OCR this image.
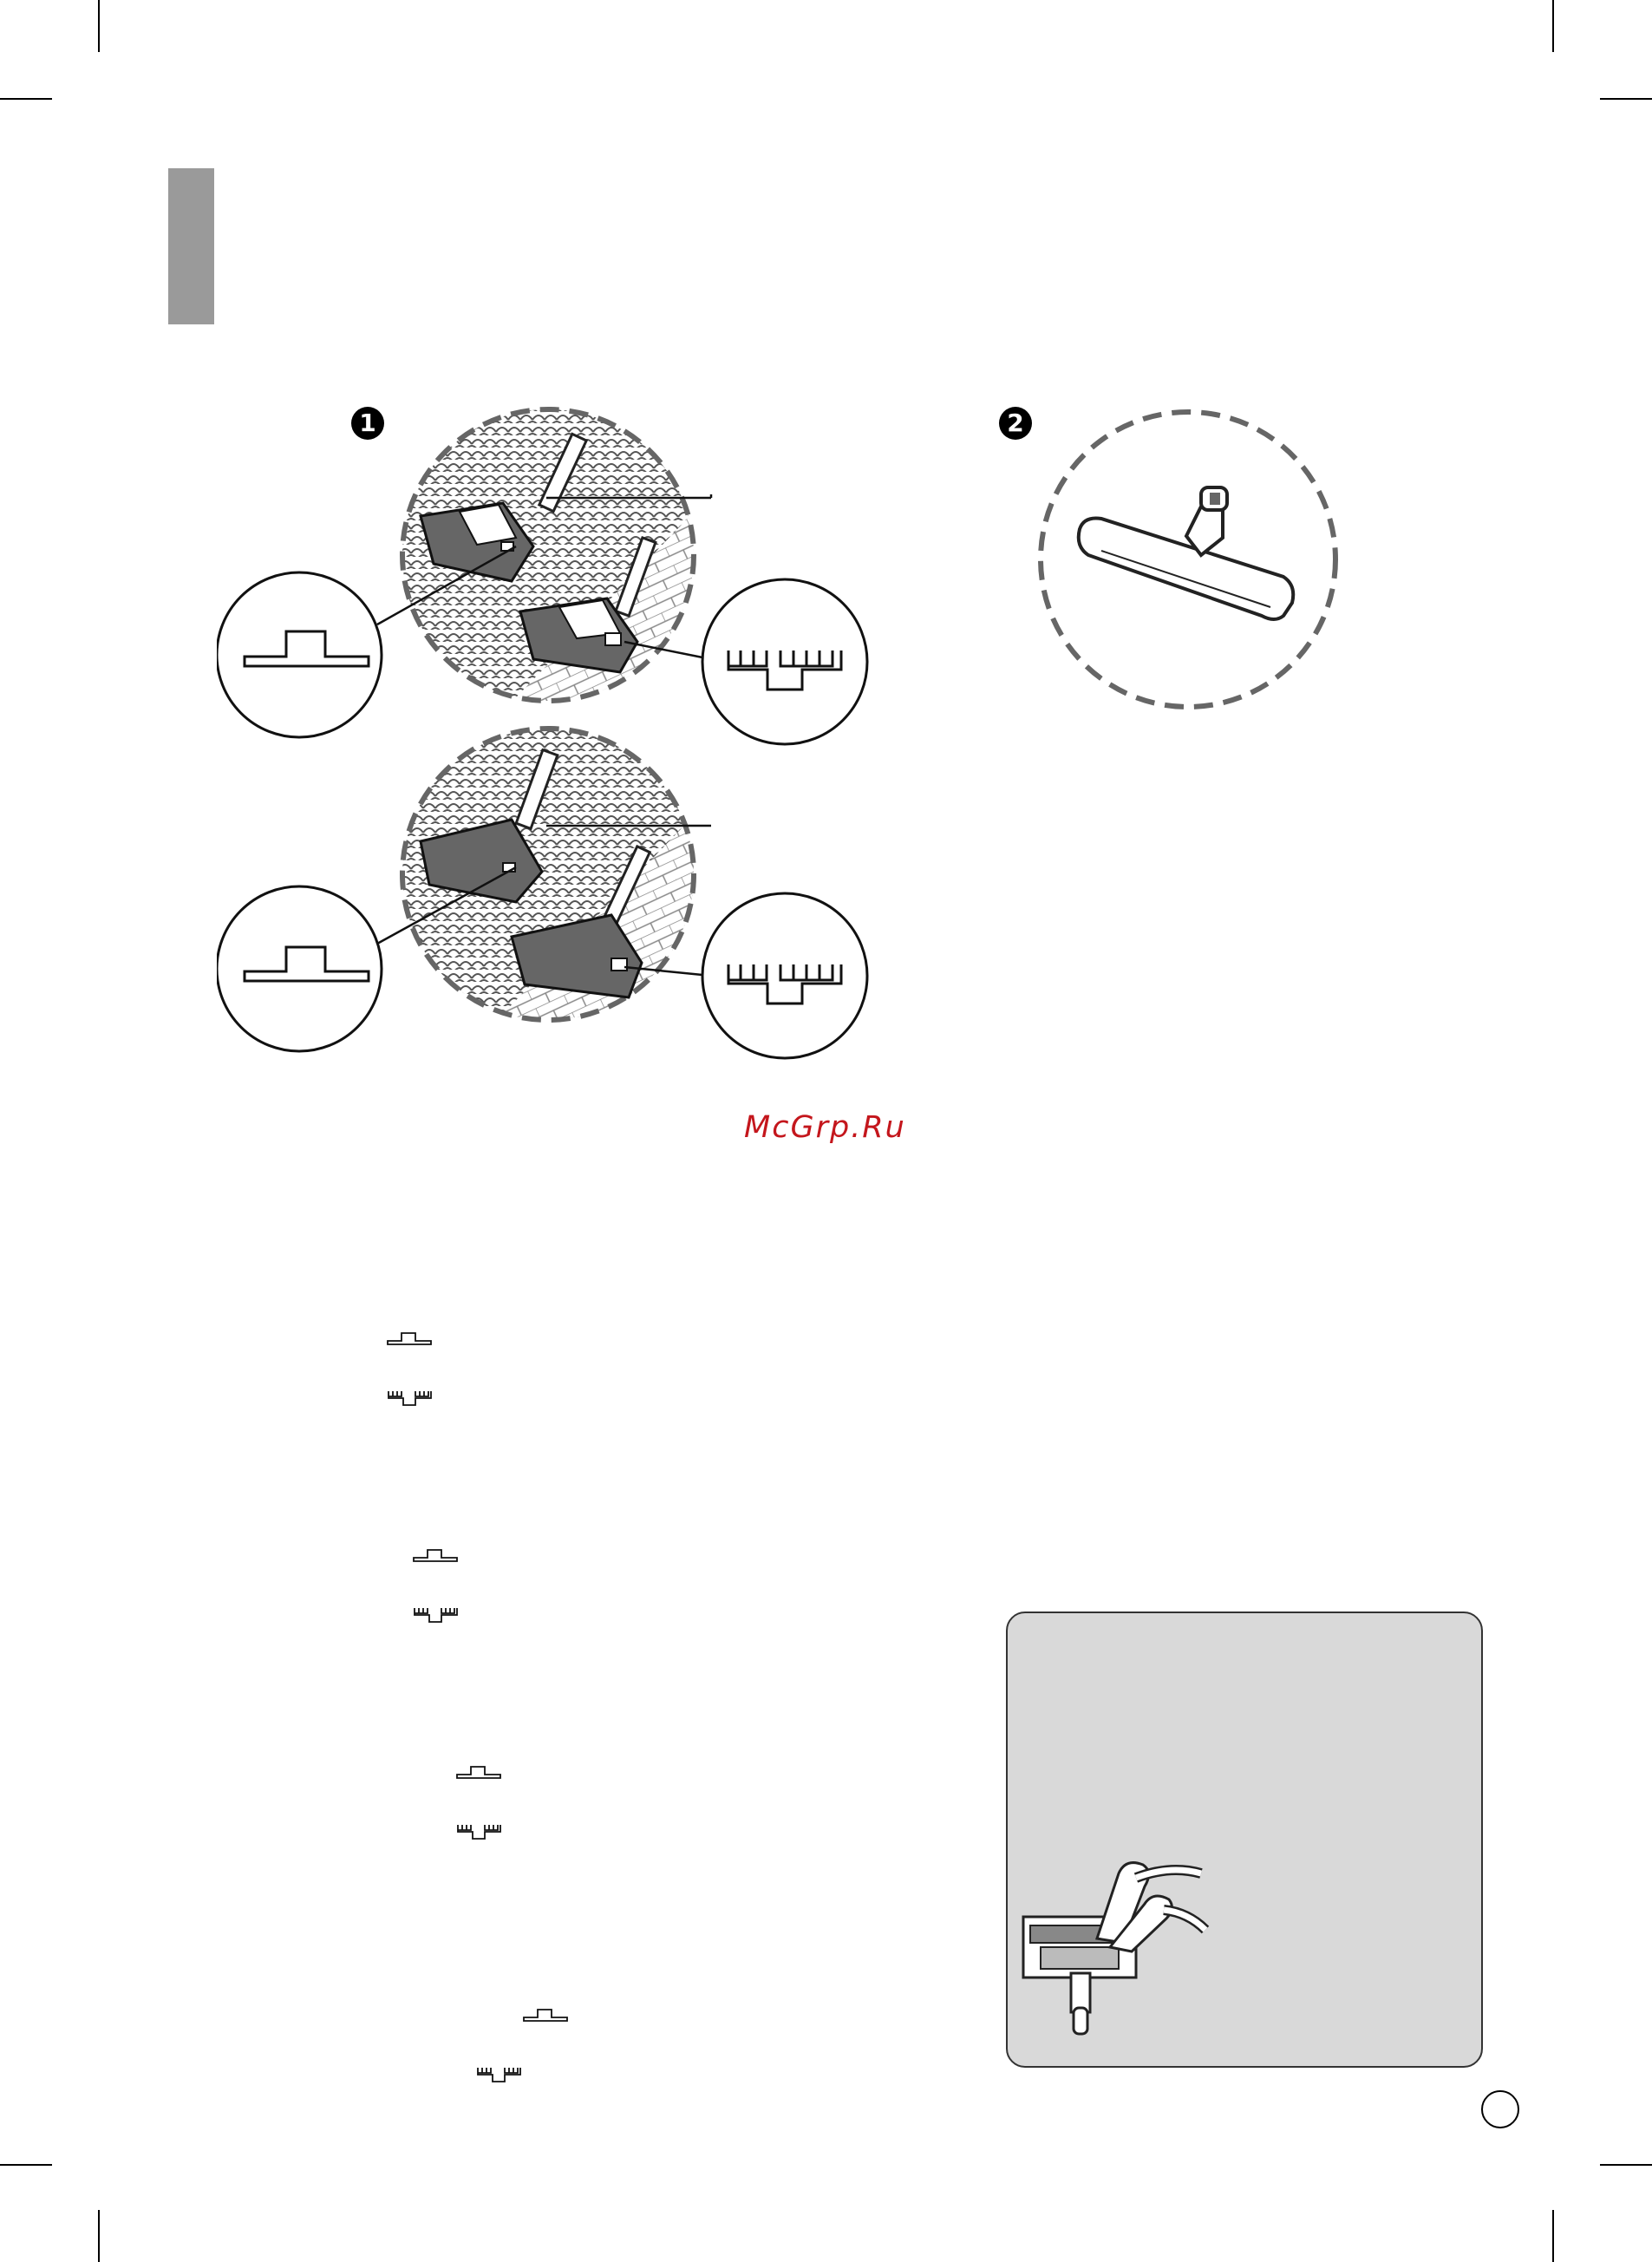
1	2
McGrp.Ru
